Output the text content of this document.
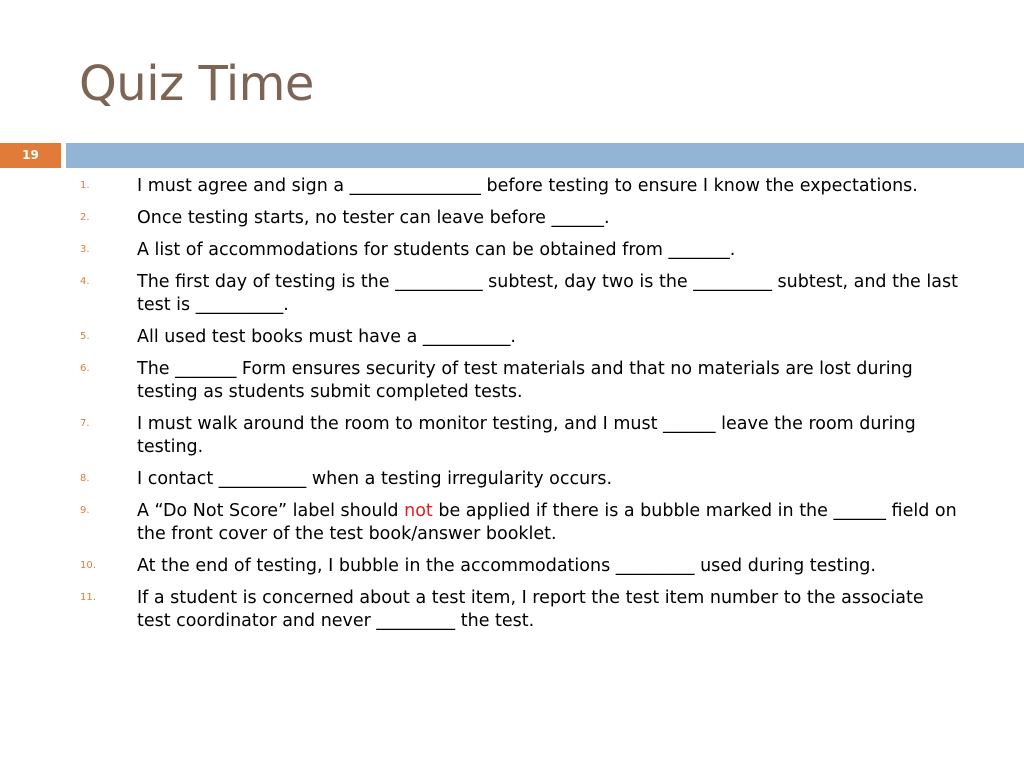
Quiz Time
19
1.	I must agree and sign a _______________ before testing to ensure I know the expectations.
2.	Once testing starts, no tester can leave before ______.
3.	A list of accommodations for students can be obtained from _______.
4.	The first day of testing is the __________ subtest, day two is the _________ subtest, and the last test is __________.
5.	All used test books must have a __________.
6.	The _______ Form ensures security of test materials and that no materials are lost during testing as students submit completed tests.
7.	I must walk around the room to monitor testing, and I must ______ leave the room during testing.
8.	I contact __________ when a testing irregularity occurs.
9.	A “Do Not Score” label should not be applied if there is a bubble marked in the ______ field on the front cover of the test book/answer booklet.
10. At the end of testing, I bubble in the accommodations _________ used during testing.
11. If a student is concerned about a test item, I report the test item number to the associate test coordinator and never _________ the test.
